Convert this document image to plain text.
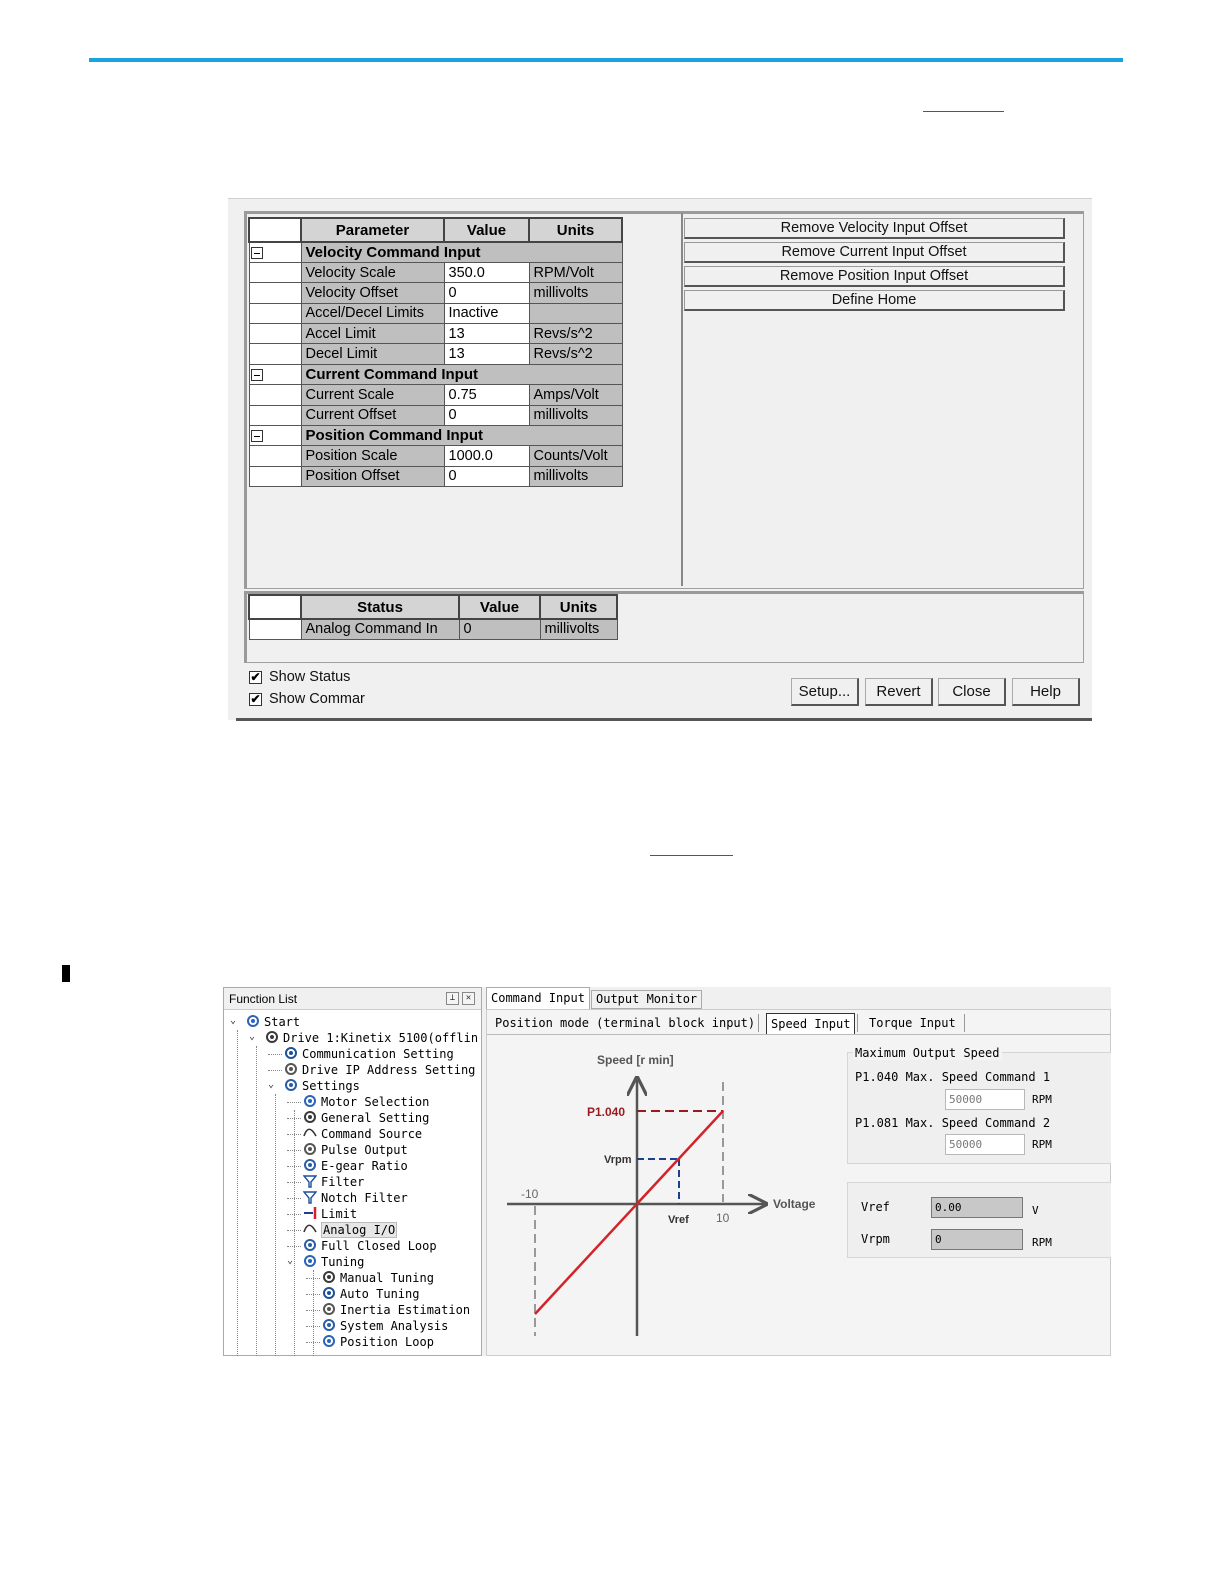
	Parameter	Value	Units
	Velocity Command Input		
	Velocity Scale	350.0	RPM/Volt
	Velocity Offset	0	millivolts
	Accel/Decel Limits	Inactive	
	Accel Limit	13	Revs/s^2
	Decel Limit	13	Revs/s^2
	Current Command Input		
	Current Scale	0.75	Amps/Volt
	Current Offset	0	millivolts
	Position Command Input		
	Position Scale	1000.0	Counts/Volt
	Position Offset	0	millivolts
Remove Velocity Input Offset
Remove Current Input Offset
Remove Position Input Offset
Define Home
	Status	Value	Units
	Analog Command In	0	millivolts
✔ Show Status
✔ Show Commar	Setup...	Revert	Close	Help
Function List	⊥	✕
⌄	Start
⌄	Drive 1:Kinetix 5100(offlin
Communication Setting
Drive IP Address Setting
⌄	Settings
Motor Selection
General Setting
Command Source
Pulse Output
E-gear Ratio
Filter
Notch Filter
Limit
Analog I/O
Full Closed Loop
⌄	Tuning
Manual Tuning
Auto Tuning
Inertia Estimation
System Analysis
Position Loop
Command Input Output Monitor
Position mode (terminal block input)	Speed Input	Torque Input
Speed [r min]
Voltage
P1.040
Vrpm
Vref
-10
10
Maximum Output Speed
P1.040 Max. Speed Command 1
50000	RPM
P1.081 Max. Speed Command 2
50000	RPM
Vref	0.00	V
Vrpm	0	RPM
